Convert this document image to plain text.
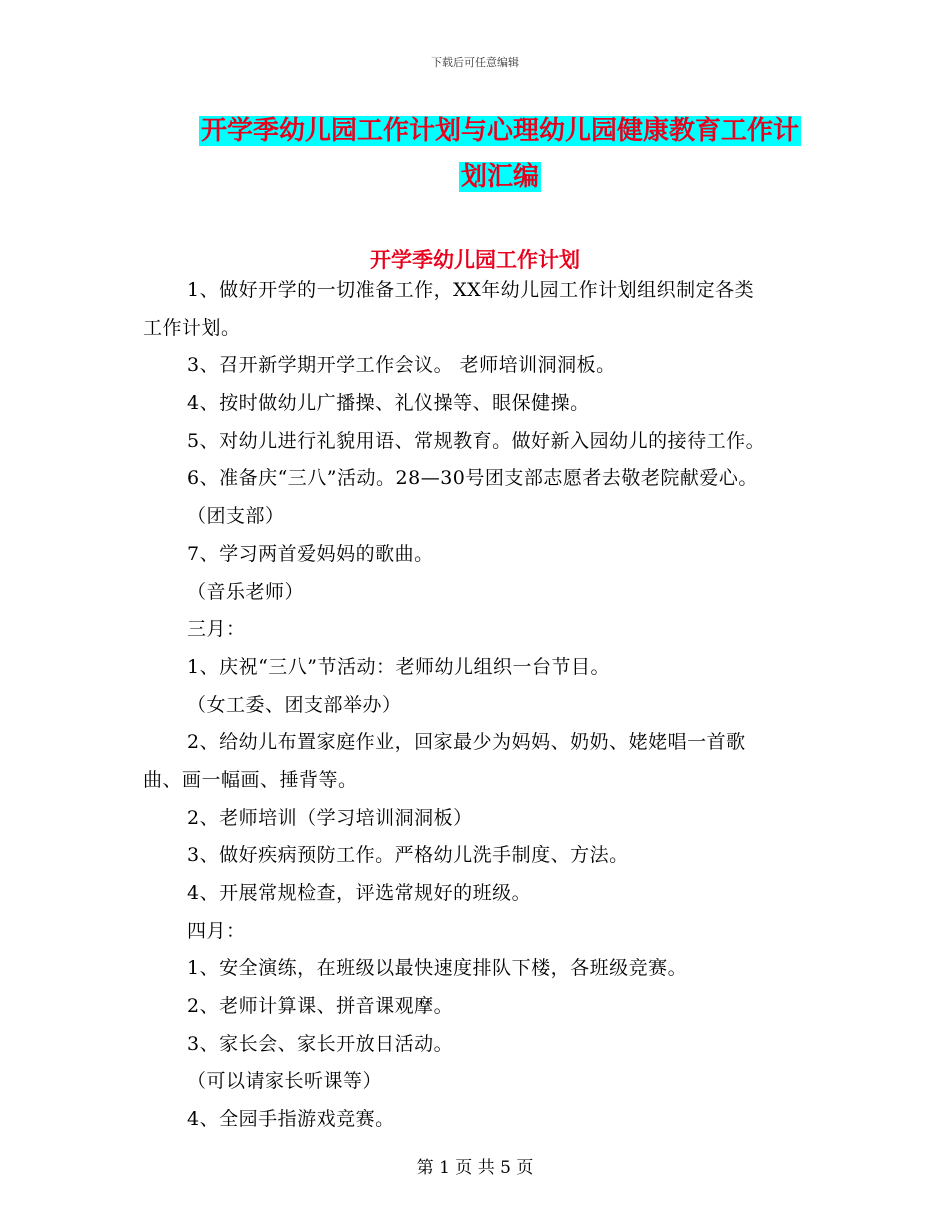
下载后可任意编辑
开学季幼儿园工作计划与心理幼儿园健康教育工作计
划汇编
开学季幼儿园工作计划
1、做好开学的一切准备工作，XX年幼儿园工作计划组织制定各类
工作计划。
3、召开新学期开学工作会议。 老师培训洞洞板。
4、按时做幼儿广播操、礼仪操等、眼保健操。
5、对幼儿进行礼貌用语、常规教育。做好新入园幼儿的接待工作。
6、准备庆“三八”活动。28—30号团支部志愿者去敬老院献爱心。
（团支部）
7、学习两首爱妈妈的歌曲。
（音乐老师）
三月：
1、庆祝“三八”节活动：老师幼儿组织一台节目。
（女工委、团支部举办）
2、给幼儿布置家庭作业，回家最少为妈妈、奶奶、姥姥唱一首歌
曲、画一幅画、捶背等。
2、老师培训（学习培训洞洞板）
3、做好疾病预防工作。严格幼儿洗手制度、方法。
4、开展常规检查，评选常规好的班级。
四月：
1、安全演练，在班级以最快速度排队下楼，各班级竞赛。
2、老师计算课、拼音课观摩。
3、家长会、家长开放日活动。
（可以请家长听课等）
4、全园手指游戏竞赛。
第 1 页 共 5 页
